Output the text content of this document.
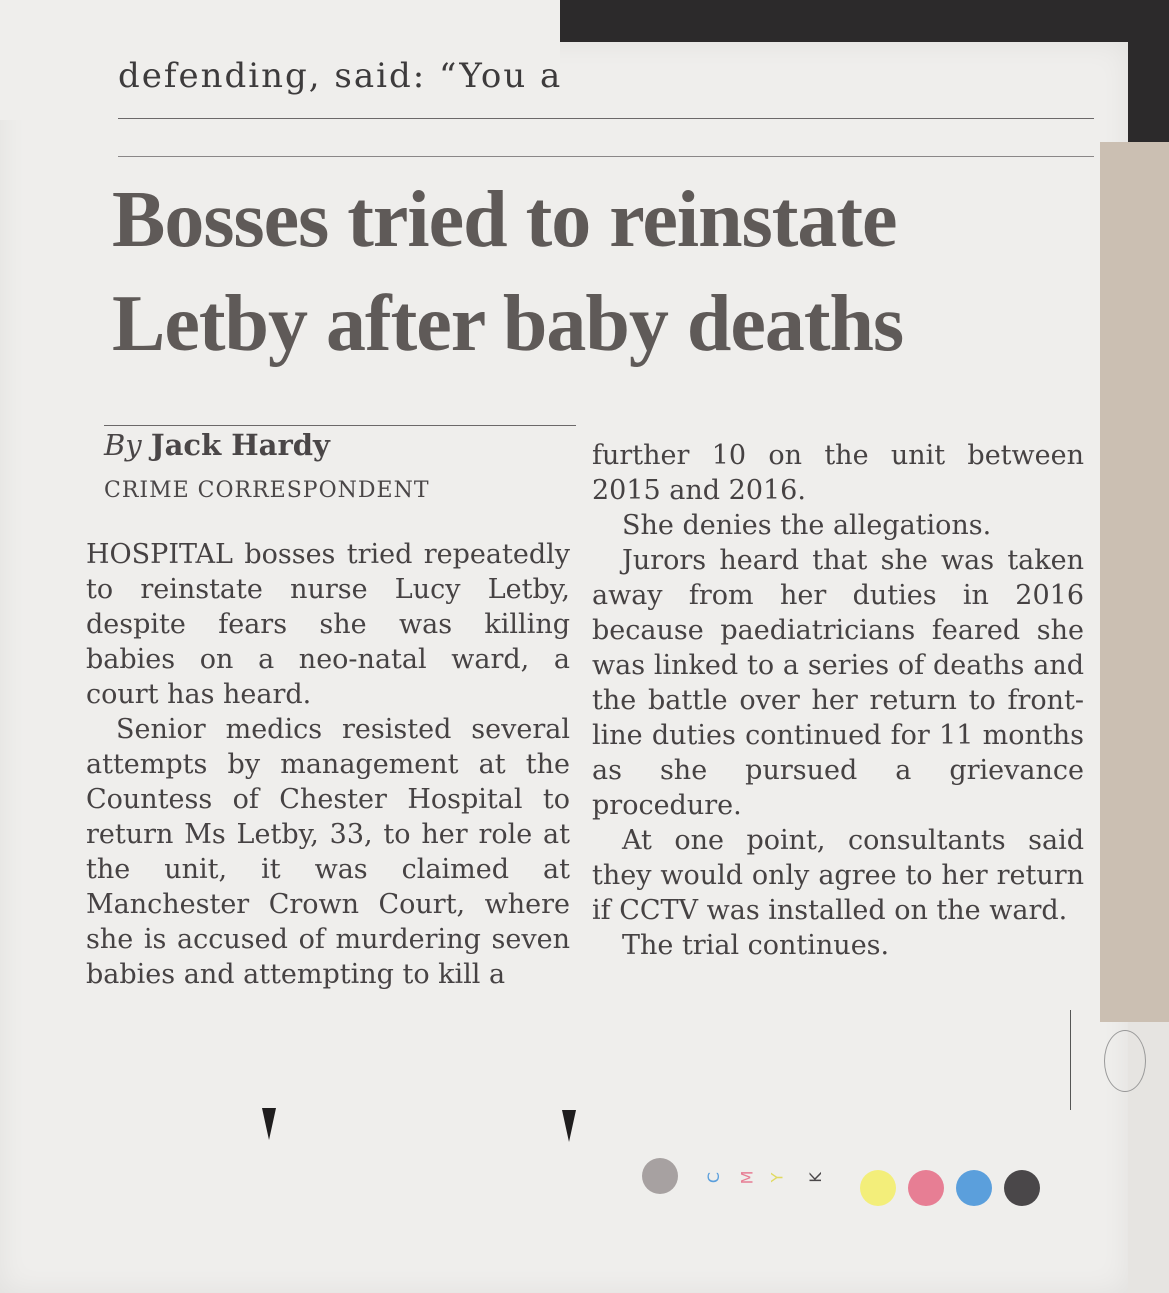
defending, said: “You a

Bosses tried to reinstate Letby after baby deaths

By Jack Hardy

CRIME CORRESPONDENT

HOSPITAL bosses tried repeatedly to reinstate nurse Lucy Letby, despite fears she was killing babies on a neo-natal ward, a court has heard.

Senior medics resisted several attempts by management at the Countess of Chester Hospital to return Ms Letby, 33, to her role at the unit, it was claimed at Manchester Crown Court, where she is accused of murdering seven babies and attempting to kill a

further 10 on the unit between 2015 and 2016.

She denies the allegations.

Jurors heard that she was taken away from her duties in 2016 because paediatricians feared she was linked to a series of deaths and the battle over her return to front-line duties continued for 11 months as she pursued a grievance procedure.

At one point, consultants said they would only agree to her return if CCTV was installed on the ward.

The trial continues.

C M Y K
